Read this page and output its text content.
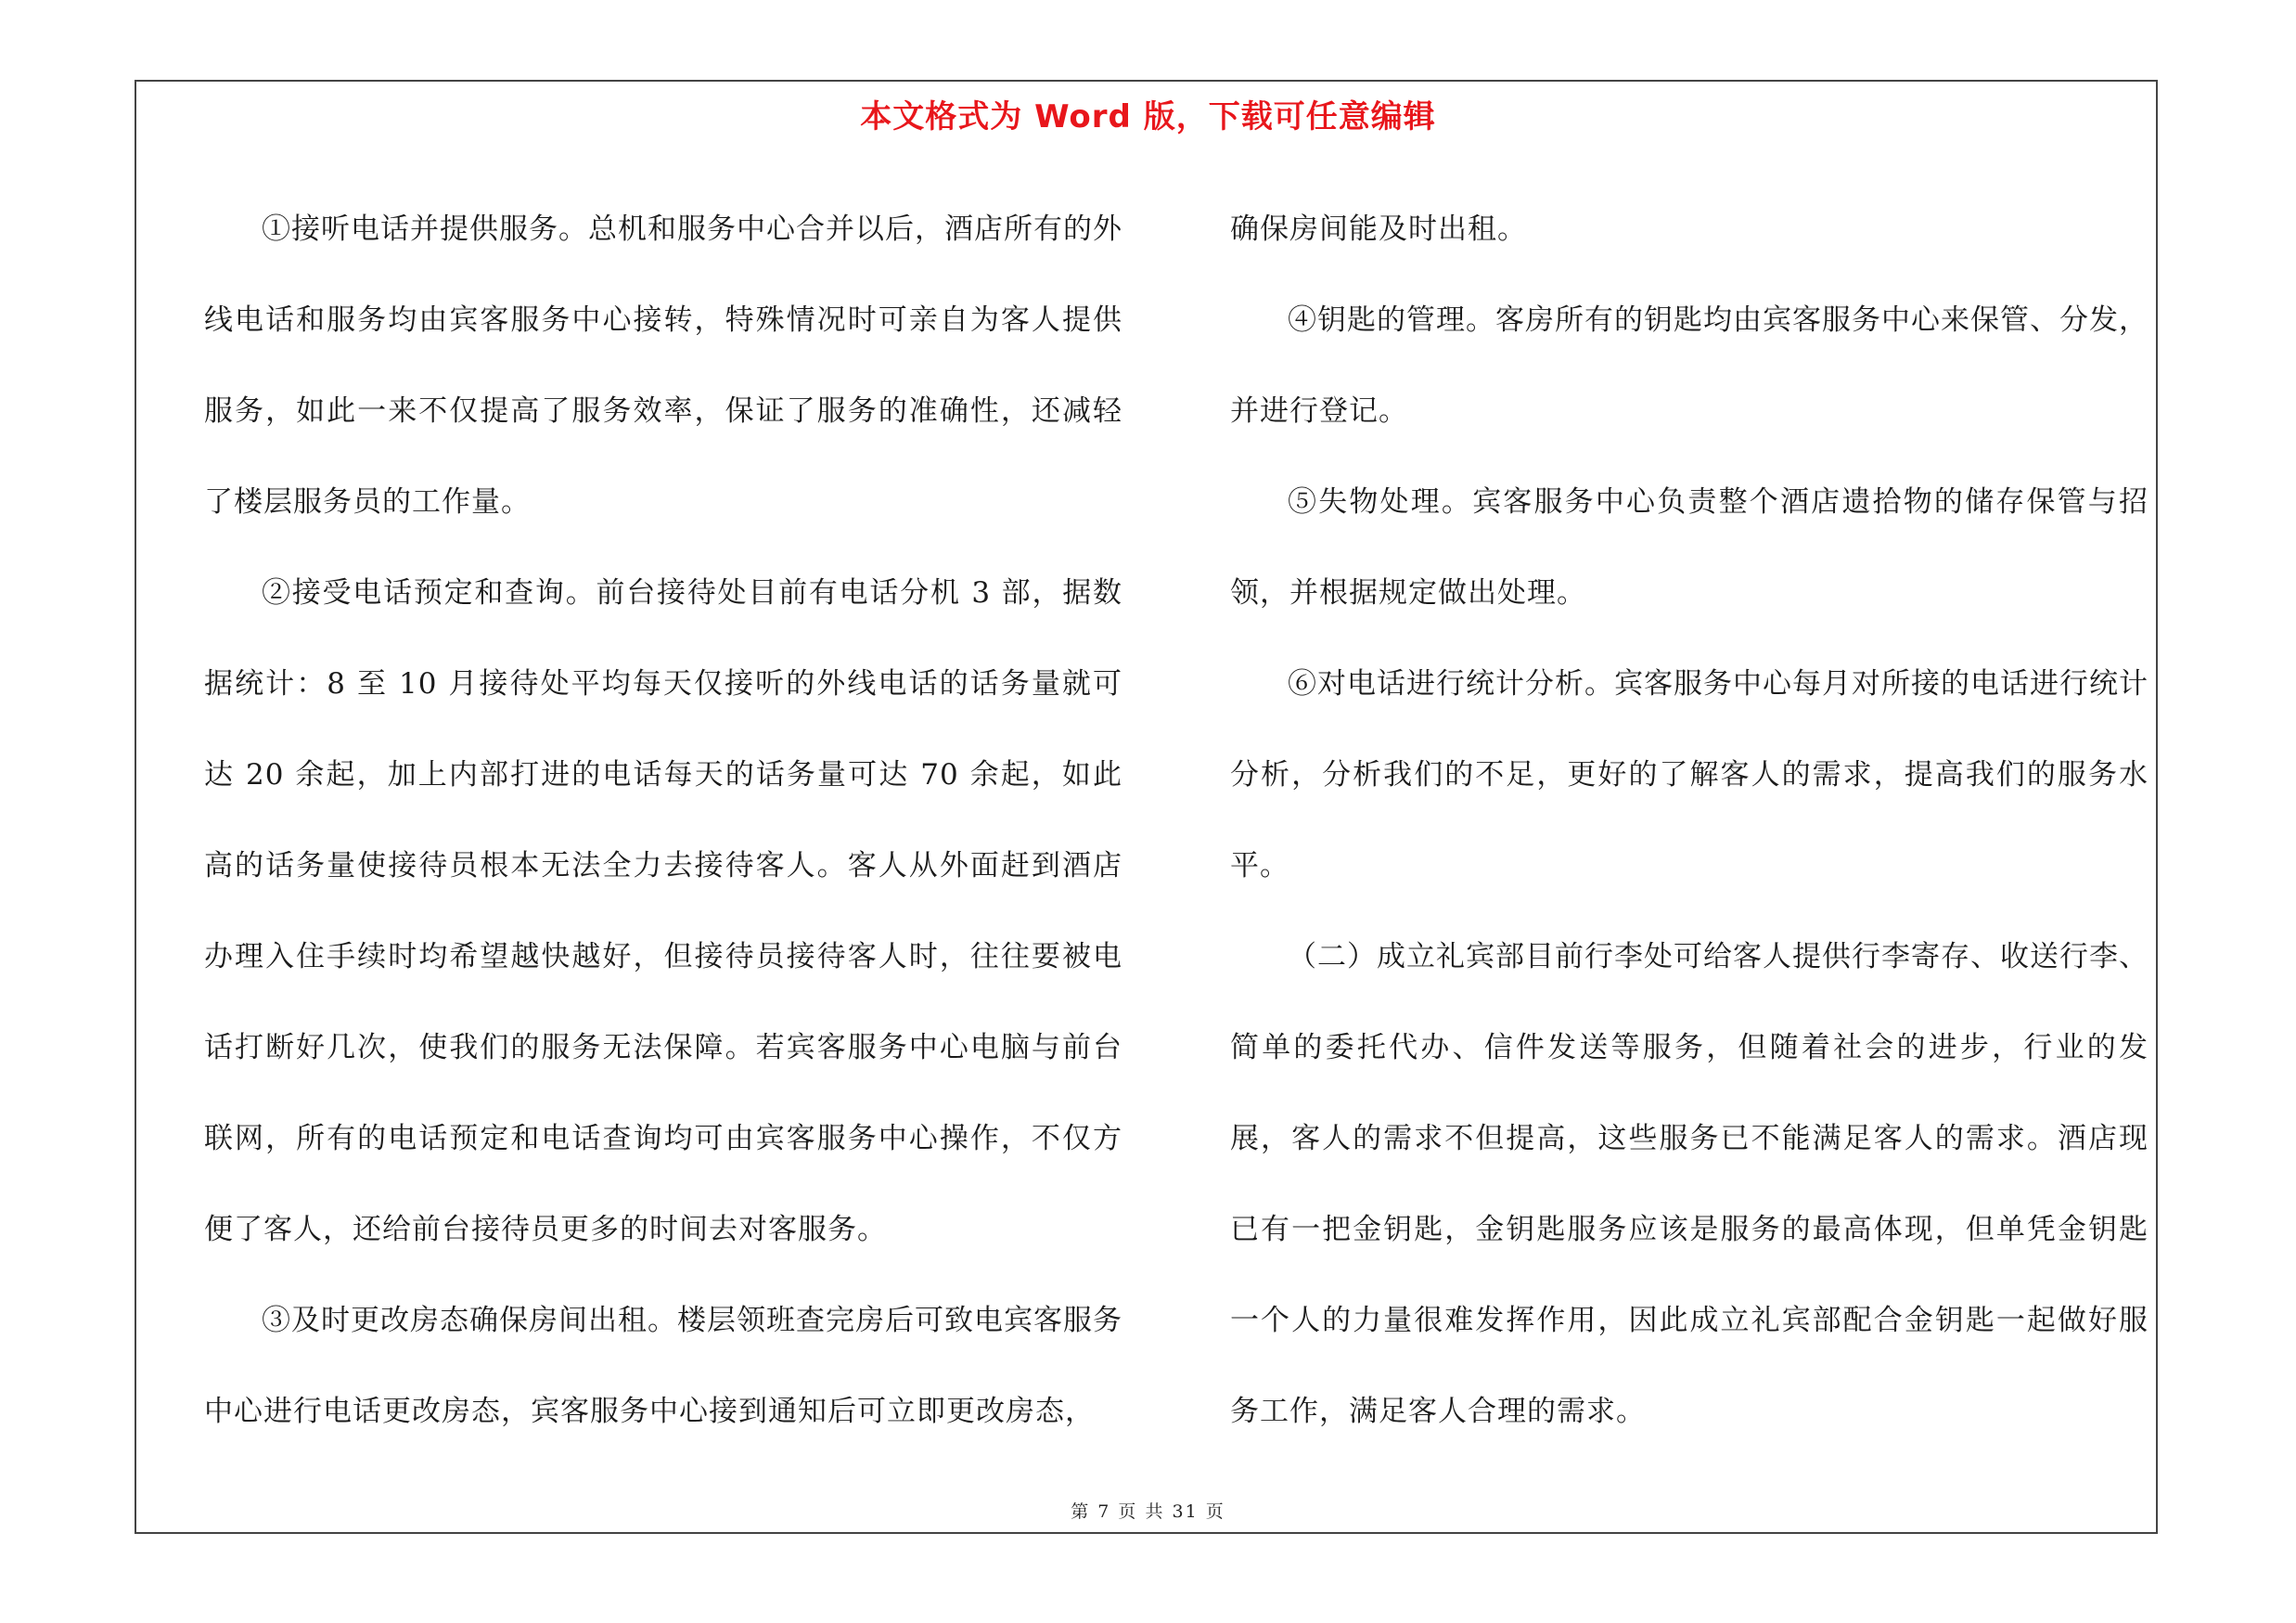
本文格式为 Word 版，下载可任意编辑

①接听电话并提供服务。总机和服务中心合并以后，酒店所有的外线电话和服务均由宾客服务中心接转，特殊情况时可亲自为客人提供服务，如此一来不仅提高了服务效率，保证了服务的准确性，还减轻了楼层服务员的工作量。

②接受电话预定和查询。前台接待处目前有电话分机 3 部，据数据统计：8 至 10 月接待处平均每天仅接听的外线电话的话务量就可达 20 余起，加上内部打进的电话每天的话务量可达 70 余起，如此高的话务量使接待员根本无法全力去接待客人。客人从外面赶到酒店办理入住手续时均希望越快越好，但接待员接待客人时，往往要被电话打断好几次，使我们的服务无法保障。若宾客服务中心电脑与前台联网，所有的电话预定和电话查询均可由宾客服务中心操作，不仅方便了客人，还给前台接待员更多的时间去对客服务。

③及时更改房态确保房间出租。楼层领班查完房后可致电宾客服务中心进行电话更改房态，宾客服务中心接到通知后可立即更改房态，

确保房间能及时出租。

④钥匙的管理。客房所有的钥匙均由宾客服务中心来保管、分发，并进行登记。

⑤失物处理。宾客服务中心负责整个酒店遗拾物的储存保管与招领，并根据规定做出处理。

⑥对电话进行统计分析。宾客服务中心每月对所接的电话进行统计分析，分析我们的不足，更好的了解客人的需求，提高我们的服务水平。

（二）成立礼宾部目前行李处可给客人提供行李寄存、收送行李、简单的委托代办、信件发送等服务，但随着社会的进步，行业的发展，客人的需求不但提高，这些服务已不能满足客人的需求。酒店现已有一把金钥匙，金钥匙服务应该是服务的最高体现，但单凭金钥匙一个人的力量很难发挥作用，因此成立礼宾部配合金钥匙一起做好服务工作，满足客人合理的需求。

第 7 页 共 31 页
